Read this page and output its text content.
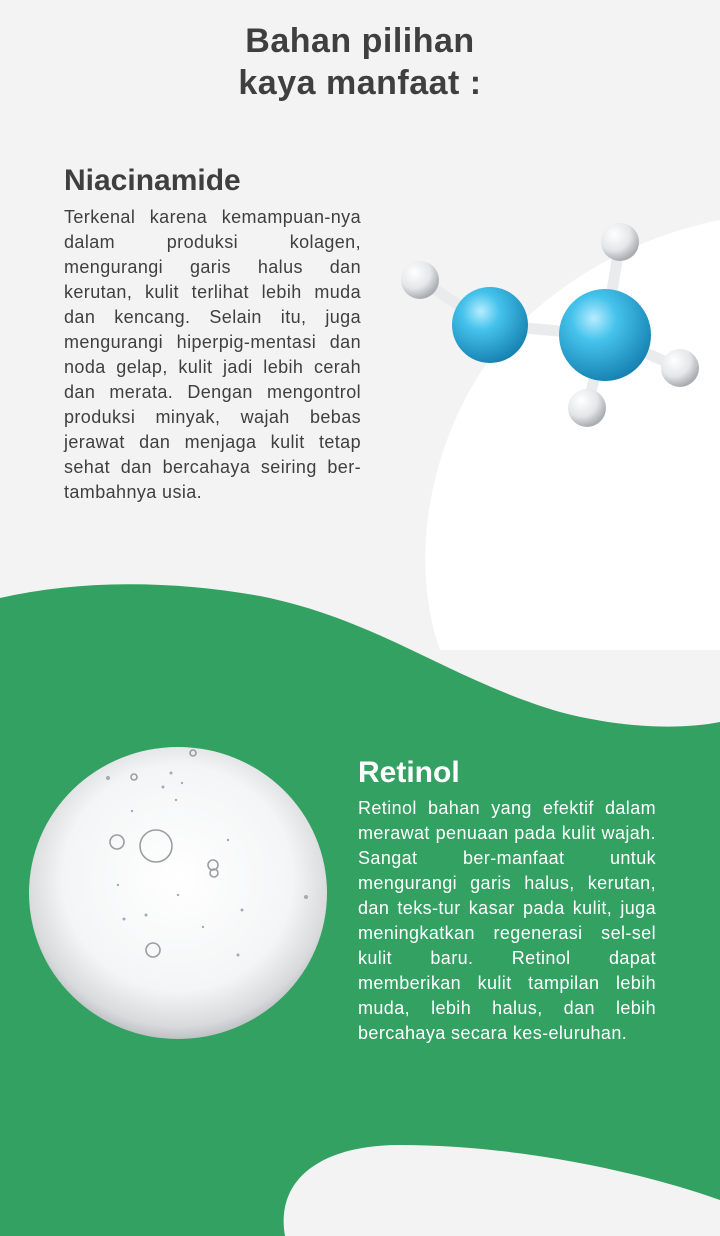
Bahan pilihan
kaya manfaat :
Niacinamide

Terkenal karena kemampuan-nya dalam produksi kolagen, mengurangi garis halus dan kerutan, kulit terlihat lebih muda dan kencang. Selain itu, juga mengurangi hiperpig-mentasi dan noda gelap, kulit jadi lebih cerah dan merata. Dengan mengontrol produksi minyak, wajah bebas jerawat dan menjaga kulit tetap sehat dan bercahaya seiring ber-tambahnya usia.

Retinol

Retinol bahan yang efektif dalam merawat penuaan pada kulit wajah. Sangat ber-manfaat untuk mengurangi garis halus, kerutan, dan teks-tur kasar pada kulit, juga meningkatkan regenerasi sel-sel kulit baru. Retinol dapat memberikan kulit tampilan lebih muda, lebih halus, dan lebih bercahaya secara kes-eluruhan.
